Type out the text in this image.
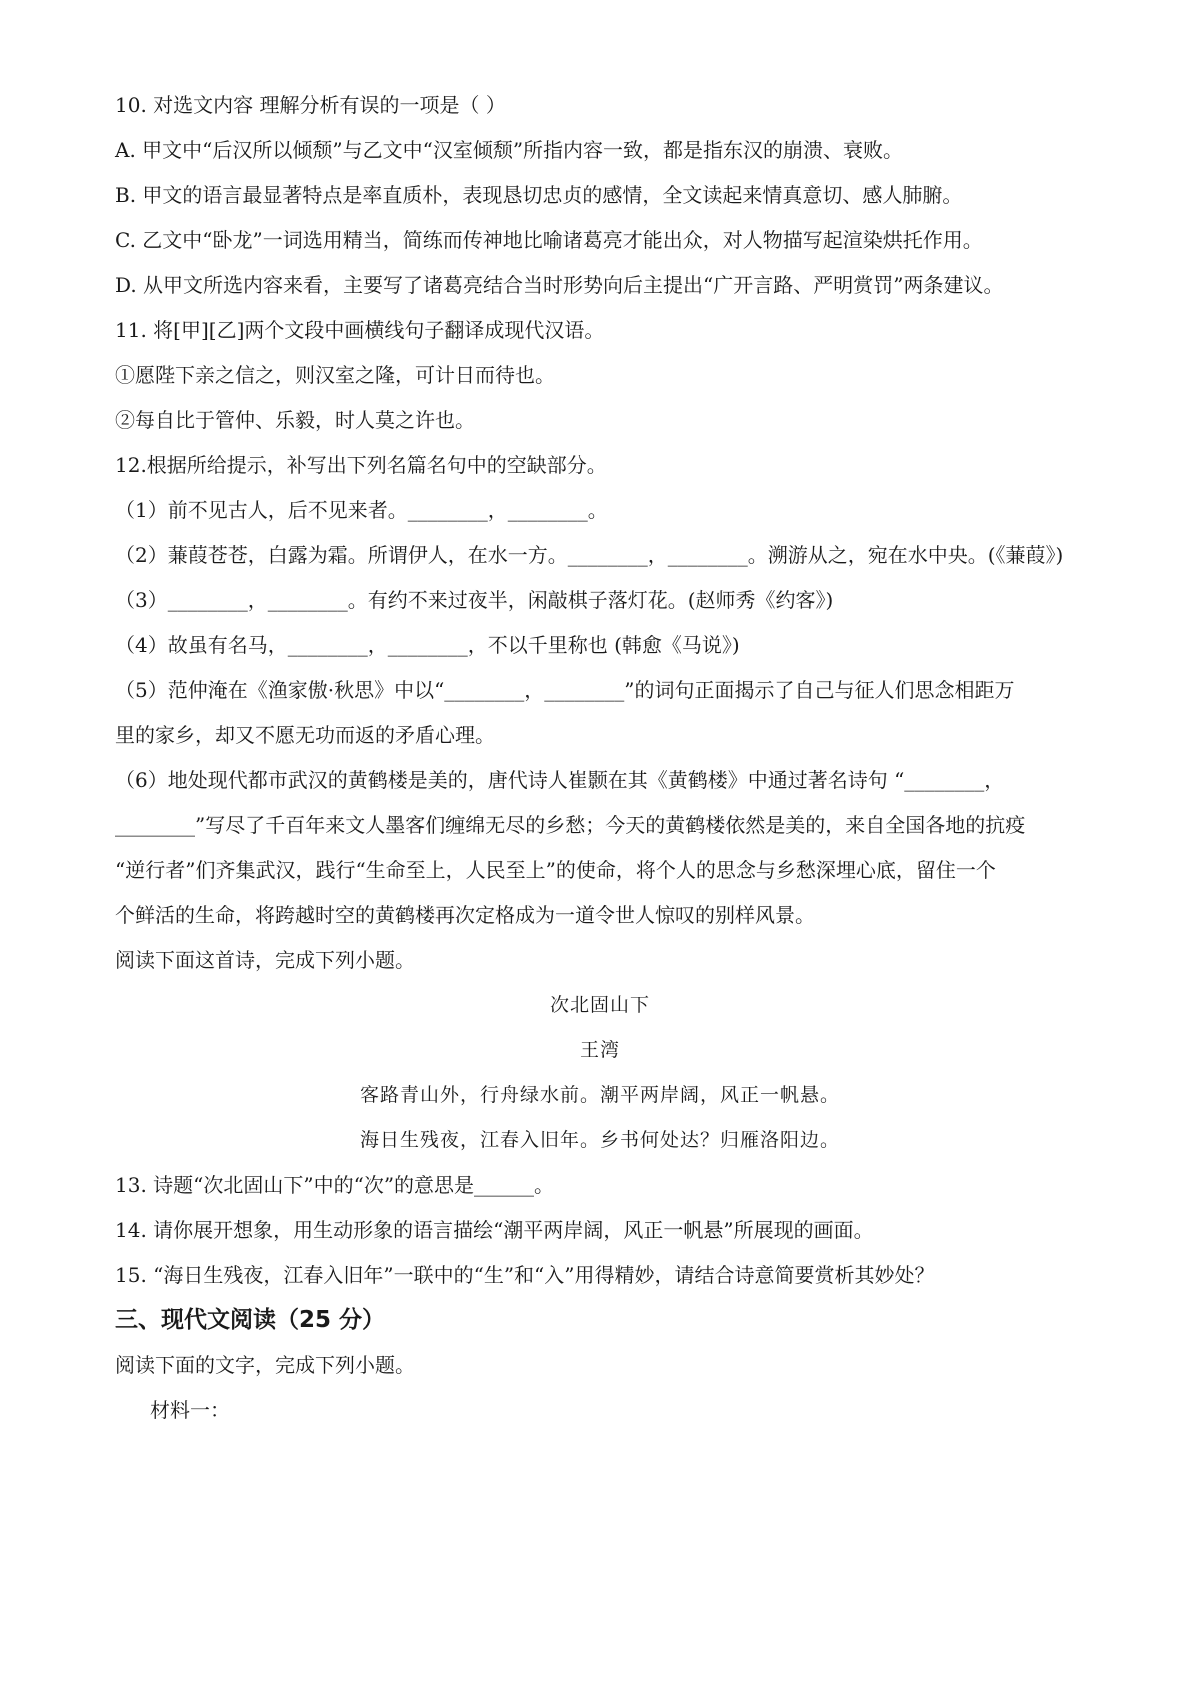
10. 对选文内容 理解分析有误的一项是（ ）
A. 甲文中“后汉所以倾颓”与乙文中“汉室倾颓”所指内容一致，都是指东汉的崩溃、衰败。
B. 甲文的语言最显著特点是率直质朴，表现恳切忠贞的感情，全文读起来情真意切、感人肺腑。
C. 乙文中“卧龙”一词选用精当，简练而传神地比喻诸葛亮才能出众，对人物描写起渲染烘托作用。
D. 从甲文所选内容来看，主要写了诸葛亮结合当时形势向后主提出“广开言路、严明赏罚”两条建议。
11. 将[甲][乙]两个文段中画横线句子翻译成现代汉语。
①愿陛下亲之信之，则汉室之隆，可计日而待也。
②每自比于管仲、乐毅，时人莫之许也。
12.根据所给提示，补写出下列名篇名句中的空缺部分。
（1）前不见古人，后不见来者。________，________。
（2）蒹葭苍苍，白露为霜。所谓伊人，在水一方。________，________。溯游从之，宛在水中央。(《蒹葭》)
（3）________，________。有约不来过夜半，闲敲棋子落灯花。(赵师秀《约客》)
（4）故虽有名马，________，________，不以千里称也 (韩愈《马说》)
（5）范仲淹在《渔家傲·秋思》中以“________，________”的词句正面揭示了自己与征人们思念相距万
里的家乡，却又不愿无功而返的矛盾心理。
（6）地处现代都市武汉的黄鹤楼是美的，唐代诗人崔颢在其《黄鹤楼》中通过著名诗句 “________，
________”写尽了千百年来文人墨客们缠绵无尽的乡愁；今天的黄鹤楼依然是美的，来自全国各地的抗疫
“逆行者”们齐集武汉，践行“生命至上，人民至上”的使命，将个人的思念与乡愁深埋心底，留住一个
个鲜活的生命，将跨越时空的黄鹤楼再次定格成为一道令世人惊叹的别样风景。
阅读下面这首诗，完成下列小题。
次北固山下
王湾
客路青山外，行舟绿水前。潮平两岸阔，风正一帆悬。
海日生残夜，江春入旧年。乡书何处达？归雁洛阳边。
13. 诗题“次北固山下”中的“次”的意思是______。
14. 请你展开想象，用生动形象的语言描绘“潮平两岸阔，风正一帆悬”所展现的画面。
15. “海日生残夜，江春入旧年”一联中的“生”和“入”用得精妙，请结合诗意简要赏析其妙处？
三、现代文阅读（25 分）
阅读下面的文字，完成下列小题。
材料一：
